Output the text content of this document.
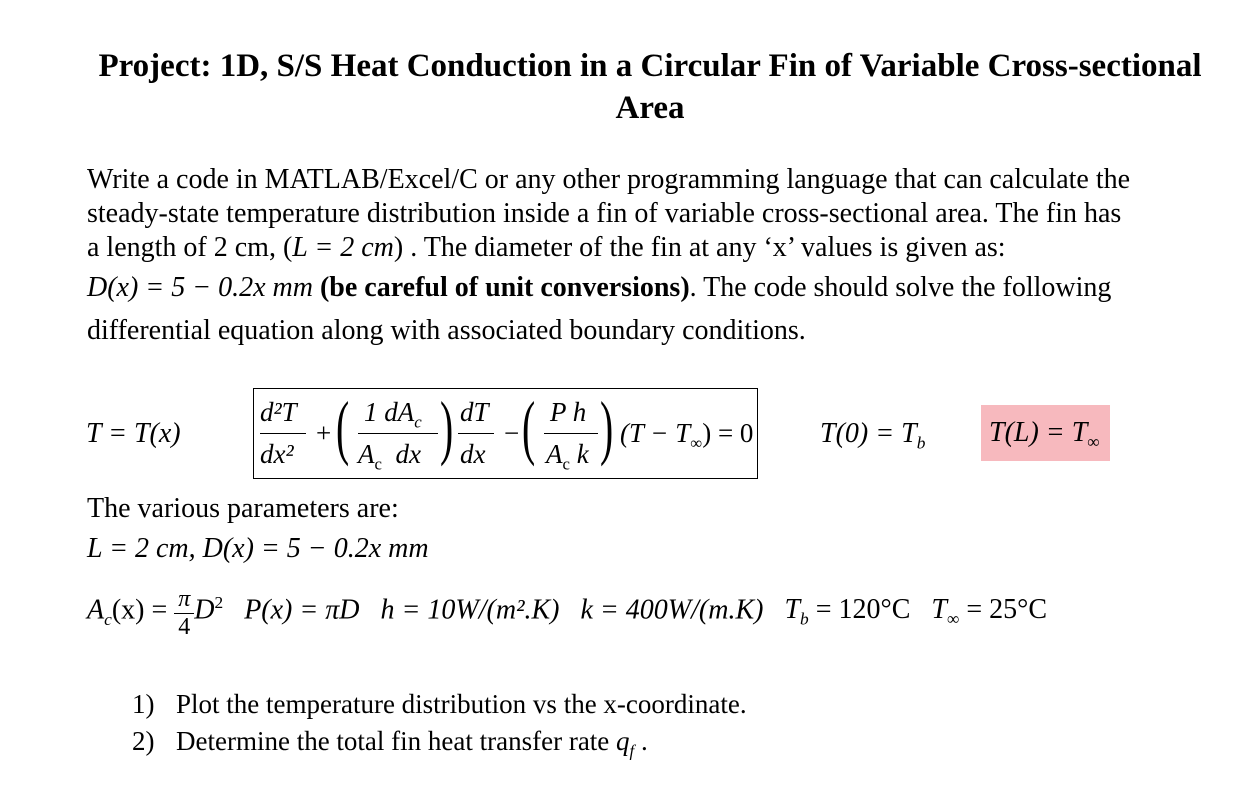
Project: 1D, S/S Heat Conduction in a Circular Fin of Variable Cross-sectional Area
Write a code in MATLAB/Excel/C or any other programming language that can calculate the
steady-state temperature distribution inside a fin of variable cross-sectional area. The fin has
a length of 2 cm, (L = 2 cm) . The diameter of the fin at any ‘x’ values is given as:
D(x) = 5 − 0.2x mm (be careful of unit conversions). The code should solve the following
differential equation along with associated boundary conditions.
T = T(x)
d²T
dx²
+ ( 1 $dA_c$
$A_c$ dx ) dT
dx
− ( P h
$A_c$ k ) $(T - T_\infty) = 0$ $T(0) = T_b$ $T(L) = T_\infty$
The various parameters are:
L = 2 cm, D(x) = 5 − 0.2x mm
$A_c(x) = \frac{\pi}{4} D^2$ P(x) = πD h = 10W/(m².K) k = 400W/(m.K) $T_b = 120^\circ C$ $T_\infty = 25^\circ C$
1) Plot the temperature distribution vs the x-coordinate.
2) Determine the total fin heat transfer rate $q_f$ .
